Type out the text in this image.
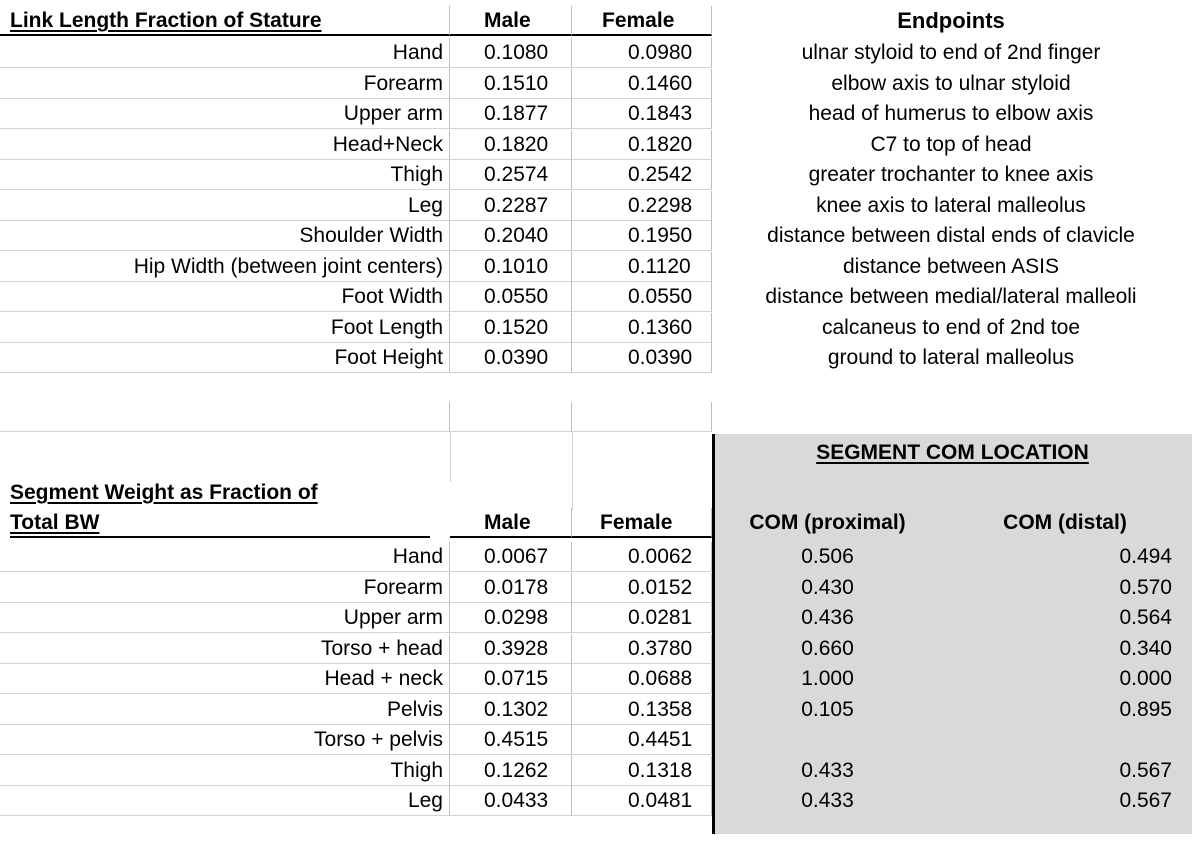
Link Length Fraction of Stature	Male	Female	Endpoints
Hand	0.1080	0.0980	ulnar styloid to end of 2nd finger
Forearm	0.1510	0.1460	elbow axis to ulnar styloid
Upper arm	0.1877	0.1843	head of humerus to elbow axis
Head+Neck	0.1820	0.1820	C7 to top of head
Thigh	0.2574	0.2542	greater trochanter to knee axis
Leg	0.2287	0.2298	knee axis to lateral malleolus
Shoulder Width	0.2040	0.1950	distance between distal ends of clavicle
Hip Width (between joint centers)	0.1010	0.1120	distance between ASIS
Foot Width	0.0550	0.0550	distance between medial/lateral malleoli
Foot Length	0.1520	0.1360	calcaneus to end of 2nd toe
Foot Height	0.0390	0.0390	ground to lateral malleolus
SEGMENT COM LOCATION
Segment Weight as Fraction of
Total BW	Male	Female	COM (proximal)	COM (distal)
Hand	0.0067	0.0062	0.506	0.494
Forearm	0.0178	0.0152	0.430	0.570
Upper arm	0.0298	0.0281	0.436	0.564
Torso + head	0.3928	0.3780	0.660	0.340
Head + neck	0.0715	0.0688	1.000	0.000
Pelvis	0.1302	0.1358	0.105	0.895
Torso + pelvis	0.4515	0.4451
Thigh	0.1262	0.1318	0.433	0.567
Leg	0.0433	0.0481	0.433	0.567
